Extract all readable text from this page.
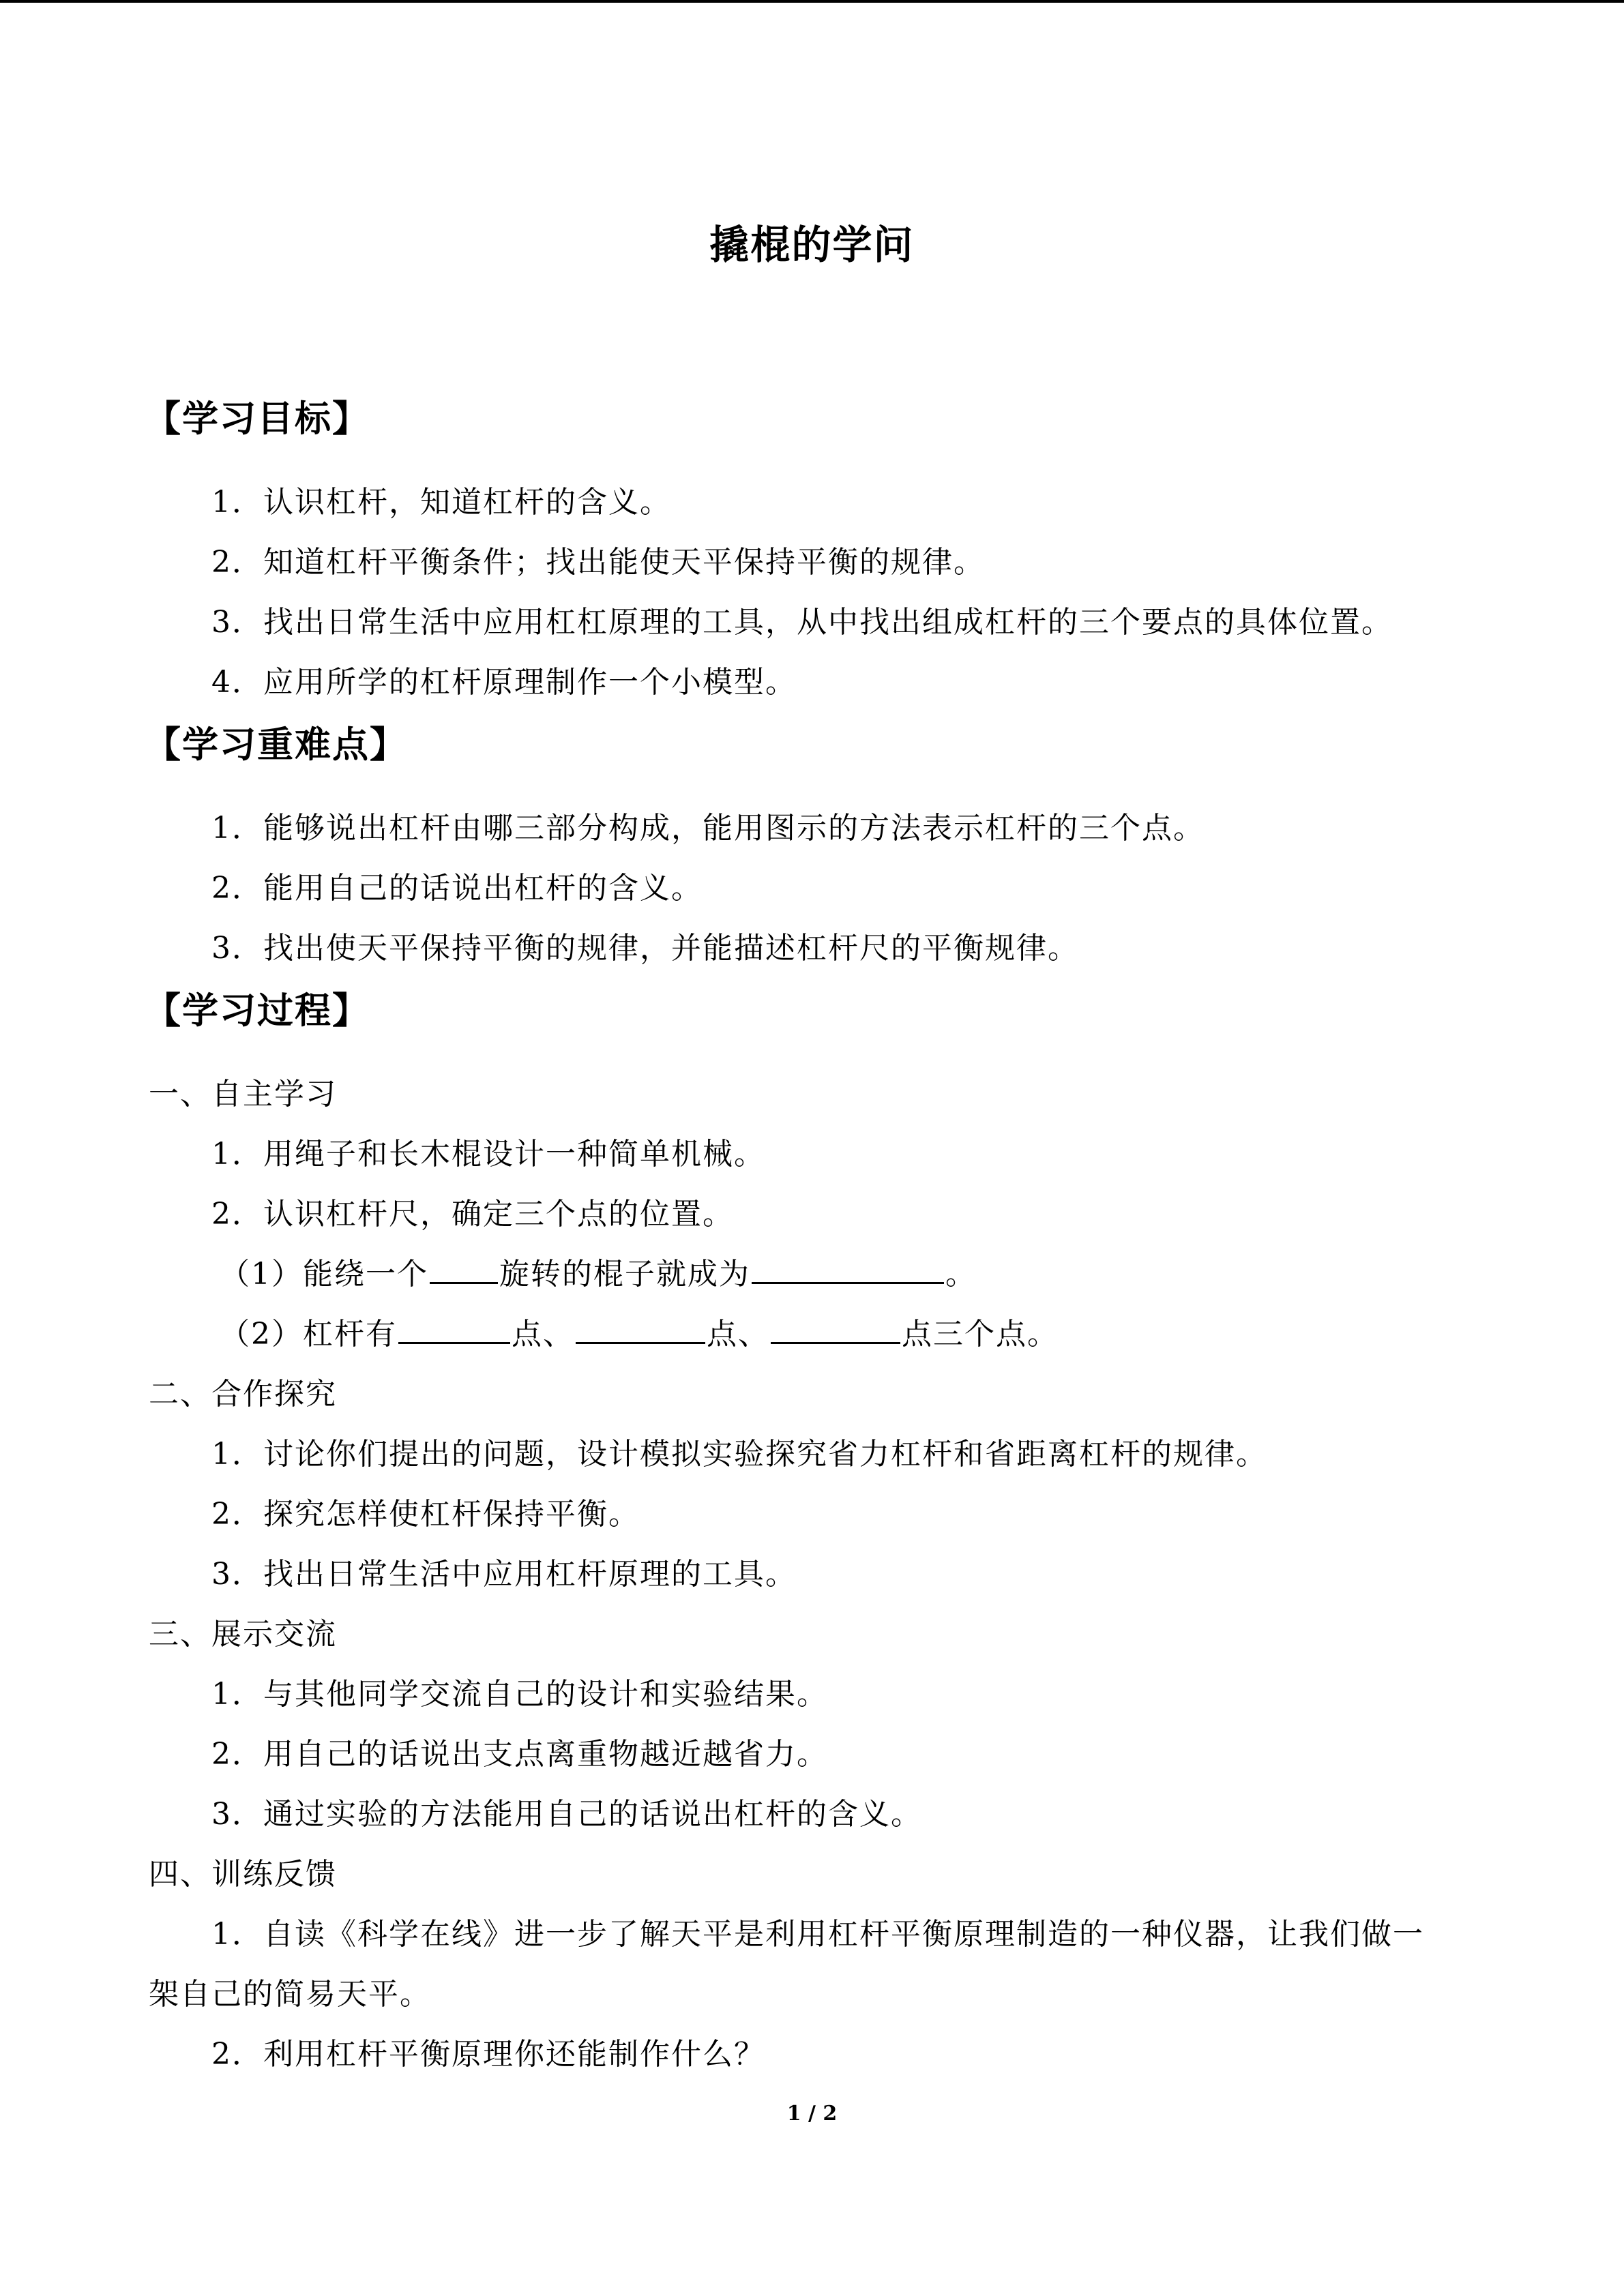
撬棍的学问
【学习目标】
1．认识杠杆，知道杠杆的含义。
2．知道杠杆平衡条件；找出能使天平保持平衡的规律。
3．找出日常生活中应用杠杠原理的工具，从中找出组成杠杆的三个要点的具体位置。
4．应用所学的杠杆原理制作一个小模型。
【学习重难点】
1．能够说出杠杆由哪三部分构成，能用图示的方法表示杠杆的三个点。
2．能用自己的话说出杠杆的含义。
3．找出使天平保持平衡的规律，并能描述杠杆尺的平衡规律。
【学习过程】
一、自主学习
1．用绳子和长木棍设计一种简单机械。
2．认识杠杆尺，确定三个点的位置。
（1）能绕一个 旋转的棍子就成为	。
（2）杠杆有	点、	点、	点三个点。
二、合作探究
1．讨论你们提出的问题，设计模拟实验探究省力杠杆和省距离杠杆的规律。
2．探究怎样使杠杆保持平衡。
3．找出日常生活中应用杠杆原理的工具。
三、展示交流
1．与其他同学交流自己的设计和实验结果。
2．用自己的话说出支点离重物越近越省力。
3．通过实验的方法能用自己的话说出杠杆的含义。
四、训练反馈
1．自读《科学在线》进一步了解天平是利用杠杆平衡原理制造的一种仪器，让我们做一
架自己的简易天平。
2．利用杠杆平衡原理你还能制作什么？
1 / 2
